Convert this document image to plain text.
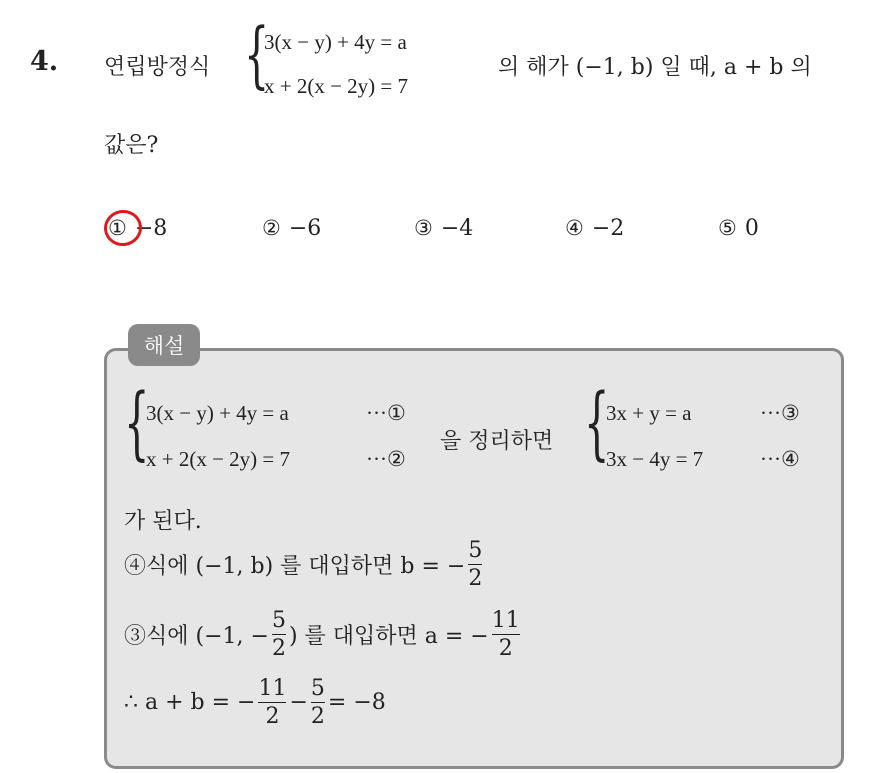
4. 연립방정식 {
3(x − y) + 4y = a
x + 2(x − 2y) = 7
의 해가 (−1, b) 일 때, a + b 의
값은?
① −8	② −6	③ −4	④ −2	⑤ 0
해설
{
3(x − y) + 4y = a	···①
x + 2(x − 2y) = 7	···②
을 정리하면 {
3x + y = a	···③
3x − 4y = 7	···④
가 된다.
④식에 (−1, b) 를 대입하면 b = − $\frac{5}{2}$
③식에 (−1, − $\frac{5}{2}$ ) 를 대입하면 a = − $\frac{11}{2}$
∴ a + b = − $\frac{11}{2} - \frac{5}{2} = -8$
